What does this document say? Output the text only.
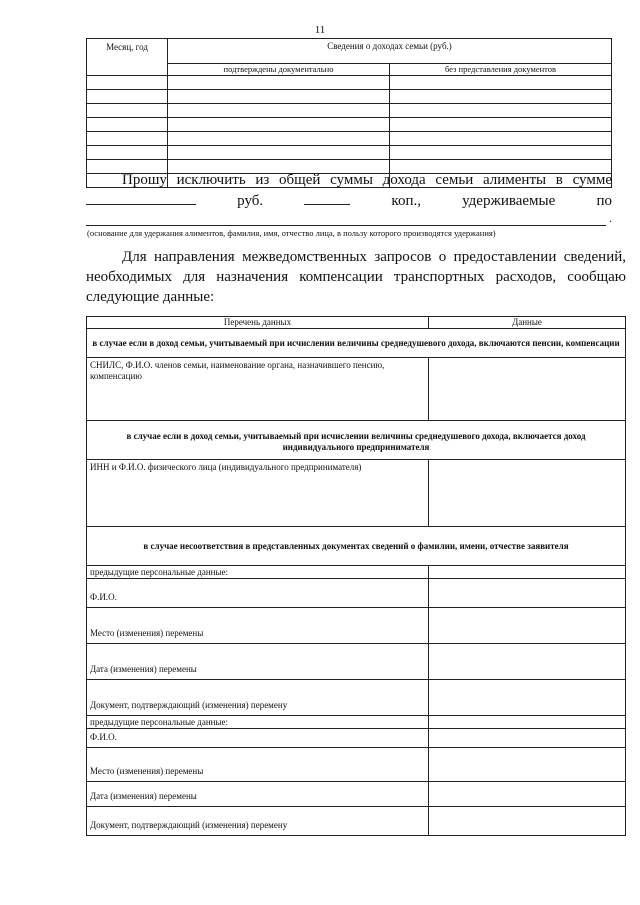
11
Месяц, год	Сведения о доходах семьи (руб.)	
	подтверждены документально	без представления документов

Прошу исключить из общей суммы дохода семьи алименты в сумме
руб.	коп.,	удерживаемые	по
.
(основание для удержания алиментов, фамилия, имя, отчество лица, в пользу которого производятся удержания)

Для направления межведомственных запросов о предоставлении сведений, необходимых для назначения компенсации транспортных расходов, сообщаю следующие данные:

Перечень данных	Данные
в случае если в доход семьи, учитываемый при исчислении величины среднедушевого дохода, включаются пенсии, компенсации	
СНИЛС, Ф.И.О. членов семьи, наименование органа, назначившего пенсию, компенсацию	
в случае если в доход семьи, учитываемый при исчислении величины среднедушевого дохода, включается доход индивидуального предпринимателя	
ИНН и Ф.И.О. физического лица (индивидуального предпринимателя)	
в случае несоответствия в представленных документах сведений о фамилии, имени, отчестве заявителя	
предыдущие персональные данные:	
Ф.И.О.	
Место (изменения) перемены	
Дата (изменения) перемены	
Документ, подтверждающий (изменения) перемену	
предыдущие персональные данные:	
Ф.И.О.	
Место (изменения) перемены	
Дата (изменения) перемены	
Документ, подтверждающий (изменения) перемену	
